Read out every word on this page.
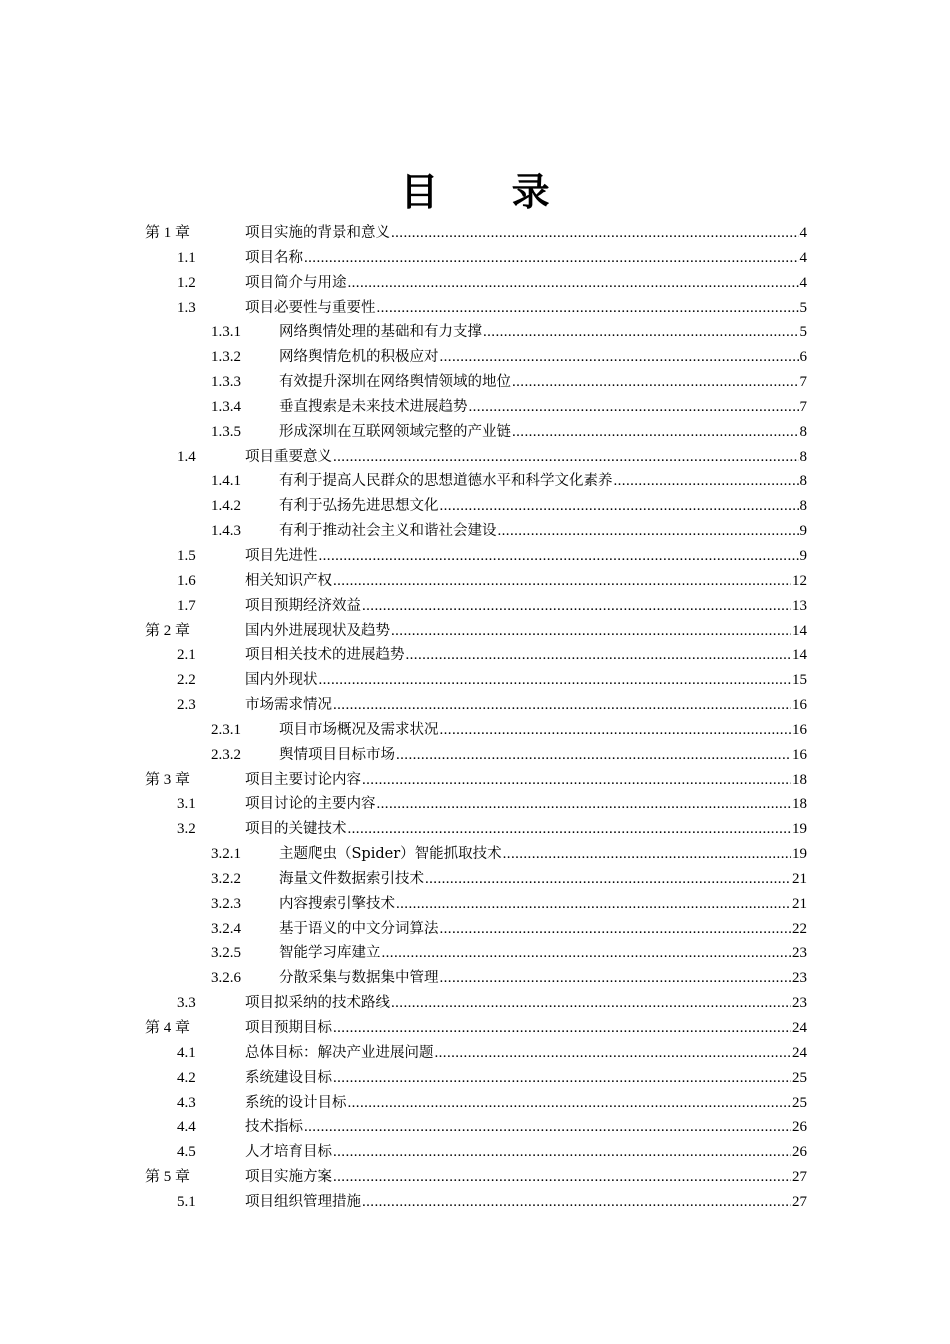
目 录
第 1 章	项目实施的背景和意义 .....	4
1.1	项目名称 .....	4
1.2	项目简介与用途 .....	4
1.3	项目必要性与重要性 .....	5
1.3.1	网络舆情处理的基础和有力支撑 .....	5
1.3.2	网络舆情危机的积极应对 .....	6
1.3.3	有效提升深圳在网络舆情领域的地位 .....	7
1.3.4	垂直搜索是未来技术进展趋势 .....	7
1.3.5	形成深圳在互联网领域完整的产业链 .....	8
1.4	项目重要意义 .....	8
1.4.1	有利于提高人民群众的思想道德水平和科学文化素养 .....	8
1.4.2	有利于弘扬先进思想文化 .....	8
1.4.3	有利于推动社会主义和谐社会建设 .....	9
1.5	项目先进性 .....	9
1.6	相关知识产权 .....	12
1.7	项目预期经济效益 .....	13
第 2 章	国内外进展现状及趋势 .....	14
2.1	项目相关技术的进展趋势 .....	14
2.2	国内外现状 .....	15
2.3	市场需求情况 .....	16
2.3.1	项目市场概况及需求状况 .....	16
2.3.2	舆情项目目标市场 .....	16
第 3 章	项目主要讨论内容 .....	18
3.1	项目讨论的主要内容 .....	18
3.2	项目的关键技术 .....	19
3.2.1	主题爬虫（Spider）智能抓取技术 .....	19
3.2.2	海量文件数据索引技术 .....	21
3.2.3	内容搜索引擎技术 .....	21
3.2.4	基于语义的中文分词算法 .....	22
3.2.5	智能学习库建立 .....	23
3.2.6	分散采集与数据集中管理 .....	23
3.3	项目拟采纳的技术路线 .....	23
第 4 章	项目预期目标 .....	24
4.1	总体目标：解决产业进展问题 .....	24
4.2	系统建设目标 .....	25
4.3	系统的设计目标 .....	25
4.4	技术指标 .....	26
4.5	人才培育目标 .....	26
第 5 章	项目实施方案 .....	27
5.1	项目组织管理措施 .....	27
